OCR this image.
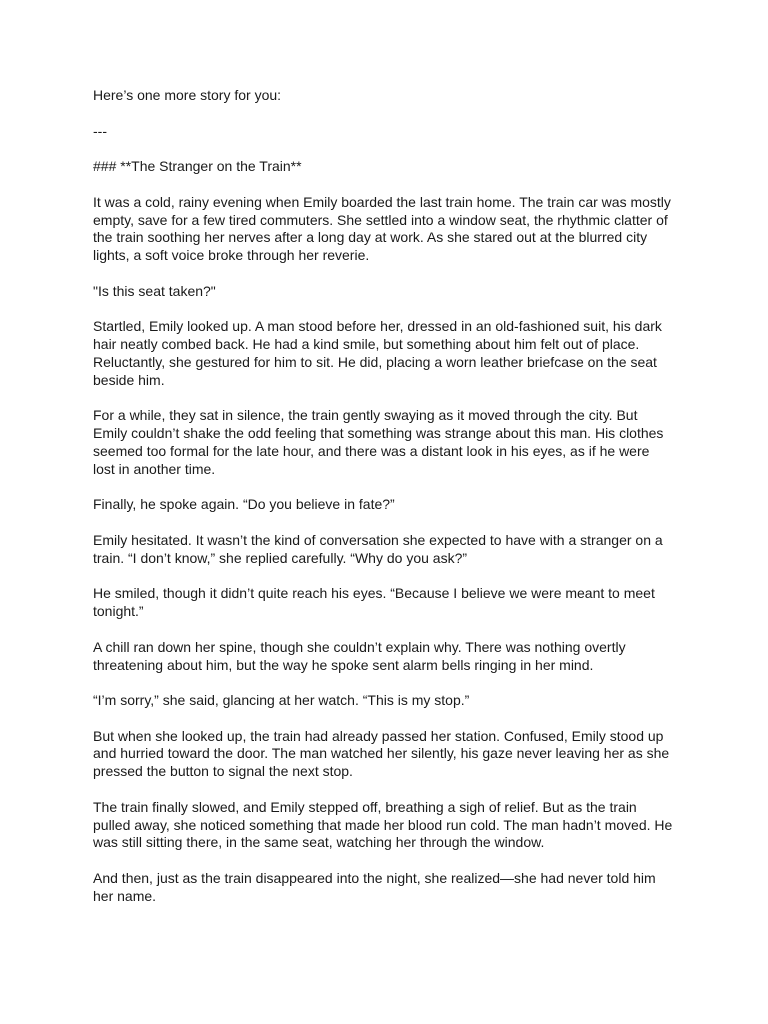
Here’s one more story for you:

---

### **The Stranger on the Train**

It was a cold, rainy evening when Emily boarded the last train home. The train car was mostly empty, save for a few tired commuters. She settled into a window seat, the rhythmic clatter of the train soothing her nerves after a long day at work. As she stared out at the blurred city lights, a soft voice broke through her reverie.

"Is this seat taken?"

Startled, Emily looked up. A man stood before her, dressed in an old-fashioned suit, his dark hair neatly combed back. He had a kind smile, but something about him felt out of place. Reluctantly, she gestured for him to sit. He did, placing a worn leather briefcase on the seat beside him.

For a while, they sat in silence, the train gently swaying as it moved through the city. But Emily couldn’t shake the odd feeling that something was strange about this man. His clothes seemed too formal for the late hour, and there was a distant look in his eyes, as if he were lost in another time.

Finally, he spoke again. “Do you believe in fate?”

Emily hesitated. It wasn’t the kind of conversation she expected to have with a stranger on a train. “I don’t know,” she replied carefully. “Why do you ask?”

He smiled, though it didn’t quite reach his eyes. “Because I believe we were meant to meet tonight.”

A chill ran down her spine, though she couldn’t explain why. There was nothing overtly threatening about him, but the way he spoke sent alarm bells ringing in her mind.

“I’m sorry,” she said, glancing at her watch. “This is my stop.”

But when she looked up, the train had already passed her station. Confused, Emily stood up and hurried toward the door. The man watched her silently, his gaze never leaving her as she pressed the button to signal the next stop.

The train finally slowed, and Emily stepped off, breathing a sigh of relief. But as the train pulled away, she noticed something that made her blood run cold. The man hadn’t moved. He was still sitting there, in the same seat, watching her through the window.

And then, just as the train disappeared into the night, she realized—she had never told him her name.
